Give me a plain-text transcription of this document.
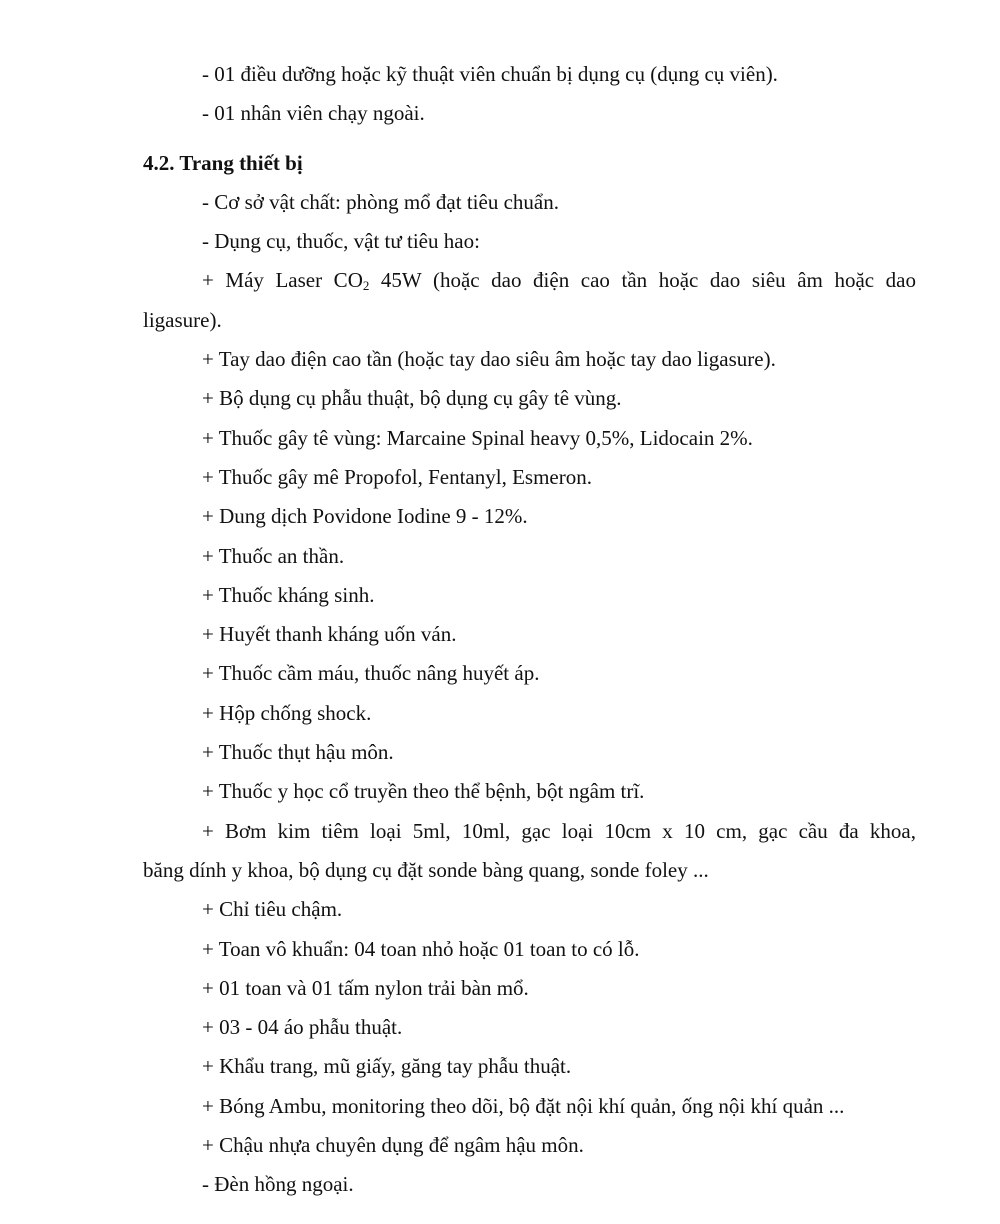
- 01 điều dưỡng hoặc kỹ thuật viên chuẩn bị dụng cụ (dụng cụ viên).

- 01 nhân viên chạy ngoài.

4.2. Trang thiết bị

- Cơ sở vật chất: phòng mổ đạt tiêu chuẩn.

- Dụng cụ, thuốc, vật tư tiêu hao:

+ Máy Laser $CO_2$ 45W (hoặc dao điện cao tần hoặc dao siêu âm hoặc dao

ligasure).

+ Tay dao điện cao tần (hoặc tay dao siêu âm hoặc tay dao ligasure).

+ Bộ dụng cụ phẫu thuật, bộ dụng cụ gây tê vùng.

+ Thuốc gây tê vùng: Marcaine Spinal heavy 0,5%, Lidocain 2%.

+ Thuốc gây mê Propofol, Fentanyl, Esmeron.

+ Dung dịch Povidone Iodine 9 - 12%.

+ Thuốc an thần.

+ Thuốc kháng sinh.

+ Huyết thanh kháng uốn ván.

+ Thuốc cầm máu, thuốc nâng huyết áp.

+ Hộp chống shock.

+ Thuốc thụt hậu môn.

+ Thuốc y học cổ truyền theo thể bệnh, bột ngâm trĩ.

+ Bơm kim tiêm loại 5ml, 10ml, gạc loại 10cm x 10 cm, gạc cầu đa khoa,

băng dính y khoa, bộ dụng cụ đặt sonde bàng quang, sonde foley ...

+ Chỉ tiêu chậm.

+ Toan vô khuẩn: 04 toan nhỏ hoặc 01 toan to có lỗ.

+ 01 toan và 01 tấm nylon trải bàn mổ.

+ 03 - 04 áo phẫu thuật.

+ Khẩu trang, mũ giấy, găng tay phẫu thuật.

+ Bóng Ambu, monitoring theo dõi, bộ đặt nội khí quản, ống nội khí quản ...

+ Chậu nhựa chuyên dụng để ngâm hậu môn.

- Đèn hồng ngoại.
